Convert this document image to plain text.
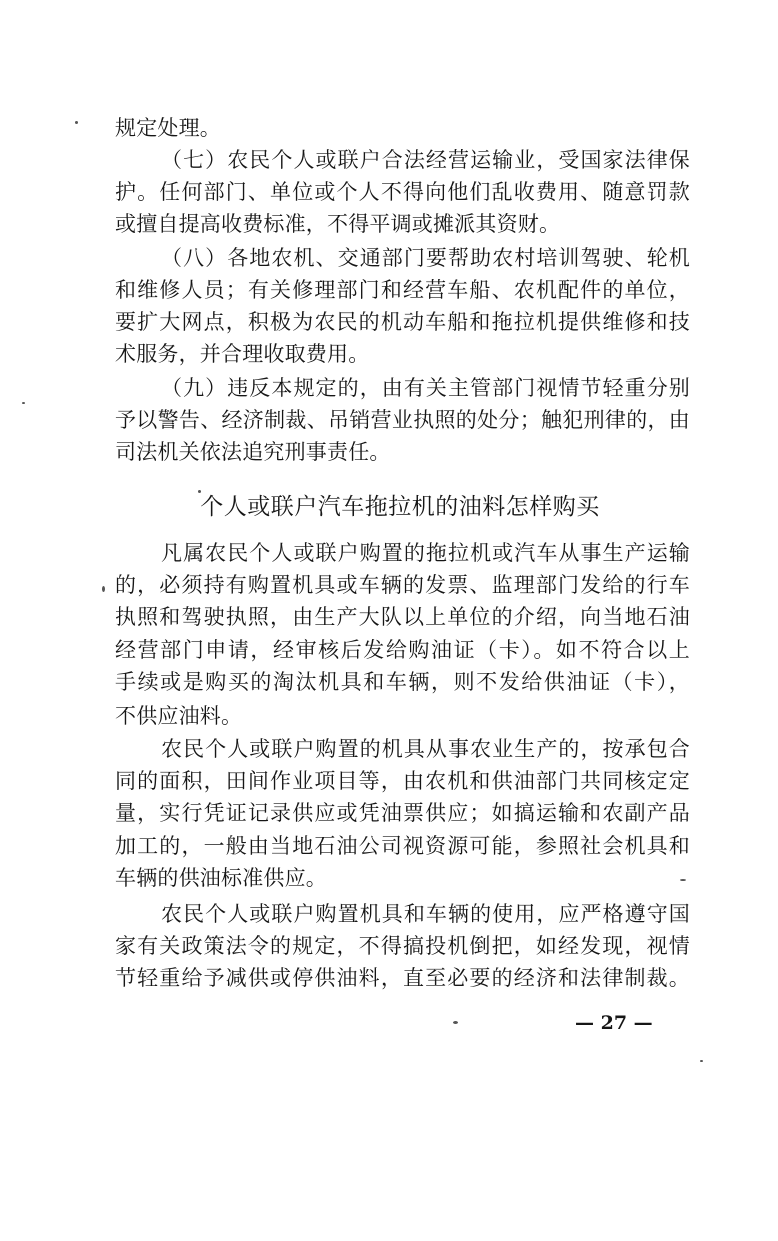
规定处理。
（七）农民个人或联户合法经营运输业，受国家法律保
护。任何部门、单位或个人不得向他们乱收费用、随意罚款
或擅自提高收费标准，不得平调或摊派其资财。
（八）各地农机、交通部门要帮助农村培训驾驶、轮机
和维修人员；有关修理部门和经营车船、农机配件的单位，
要扩大网点，积极为农民的机动车船和拖拉机提供维修和技
术服务，并合理收取费用。
（九）违反本规定的，由有关主管部门视情节轻重分别
予以警告、经济制裁、吊销营业执照的处分；触犯刑律的，由
司法机关依法追究刑事责任。
个人或联户汽车拖拉机的油料怎样购买
凡属农民个人或联户购置的拖拉机或汽车从事生产运输
的，必须持有购置机具或车辆的发票、监理部门发给的行车
执照和驾驶执照，由生产大队以上单位的介绍，向当地石油
经营部门申请，经审核后发给购油证（卡）。如不符合以上
手续或是购买的淘汰机具和车辆，则不发给供油证（卡），
不供应油料。
农民个人或联户购置的机具从事农业生产的，按承包合
同的面积，田间作业项目等，由农机和供油部门共同核定定
量，实行凭证记录供应或凭油票供应；如搞运输和农副产品
加工的，一般由当地石油公司视资源可能，参照社会机具和
车辆的供油标准供应。
农民个人或联户购置机具和车辆的使用，应严格遵守国
家有关政策法令的规定，不得搞投机倒把，如经发现，视情
节轻重给予减供或停供油料，直至必要的经济和法律制裁。
— 27 —
